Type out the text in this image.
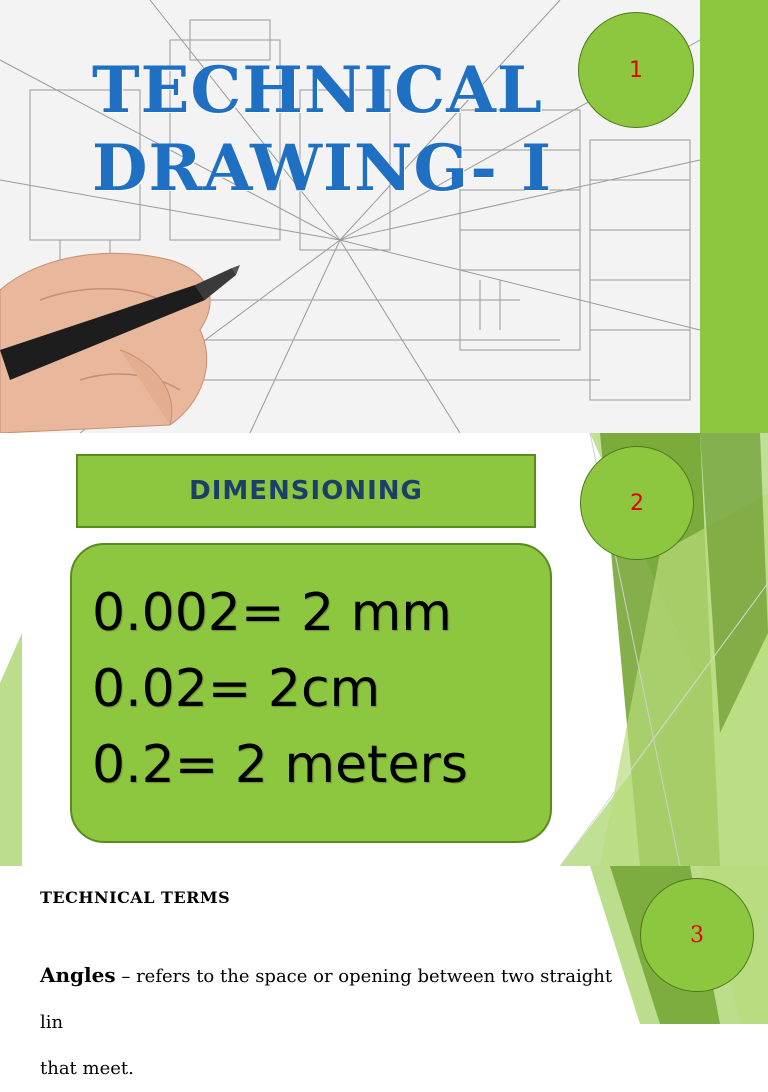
TECHNICAL
DRAWING- I
1
DIMENSIONING	2
0.002= 2 mm
0.02= 2cm
0.2= 2 meters
TECHNICAL TERMS

Angles – refers to the space or opening between two straight lin
that meet.

3
